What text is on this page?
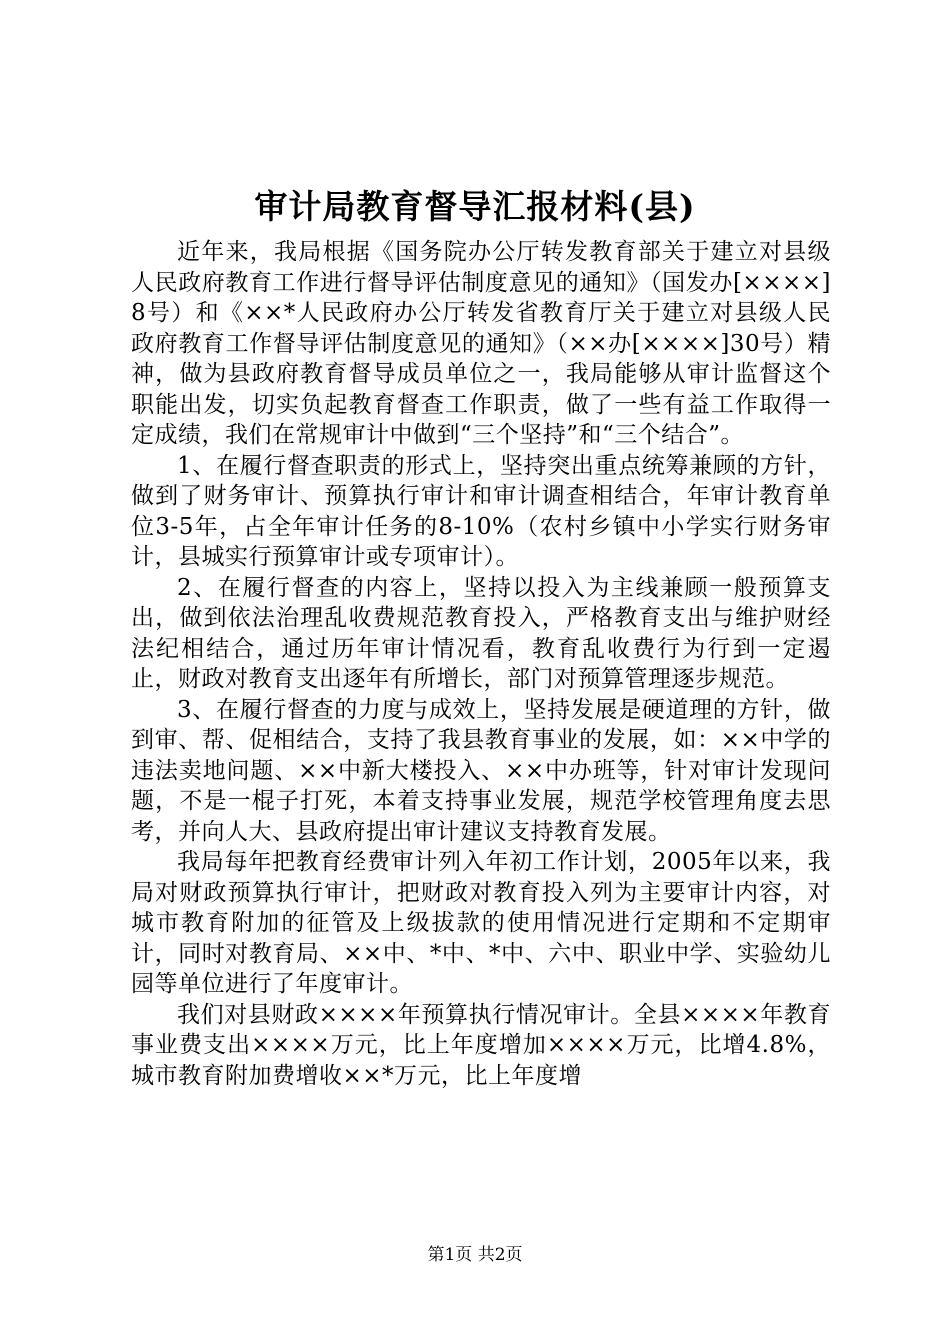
审计局教育督导汇报材料(县)

近年来，我局根据《国务院办公厅转发教育部关于建立对县级人民政府教育工作进行督导评估制度意见的通知》（国发办[××××]8号）和《××*人民政府办公厅转发省教育厅关于建立对县级人民政府教育工作督导评估制度意见的通知》（××办[××××]30号）精神，做为县政府教育督导成员单位之一，我局能够从审计监督这个职能出发，切实负起教育督查工作职责，做了一些有益工作取得一定成绩，我们在常规审计中做到“三个坚持”和“三个结合”。

1、在履行督查职责的形式上，坚持突出重点统筹兼顾的方针，做到了财务审计、预算执行审计和审计调查相结合，年审计教育单位3-5年，占全年审计任务的8-10%（农村乡镇中小学实行财务审计，县城实行预算审计或专项审计）。

2、在履行督查的内容上，坚持以投入为主线兼顾一般预算支出，做到依法治理乱收费规范教育投入，严格教育支出与维护财经法纪相结合，通过历年审计情况看，教育乱收费行为行到一定遏止，财政对教育支出逐年有所增长，部门对预算管理逐步规范。

3、在履行督查的力度与成效上，坚持发展是硬道理的方针，做到审、帮、促相结合，支持了我县教育事业的发展，如：××中学的违法卖地问题、××中新大楼投入、××中办班等，针对审计发现问题，不是一棍子打死，本着支持事业发展，规范学校管理角度去思考，并向人大、县政府提出审计建议支持教育发展。

我局每年把教育经费审计列入年初工作计划，2005年以来，我局对财政预算执行审计，把财政对教育投入列为主要审计内容，对城市教育附加的征管及上级拔款的使用情况进行定期和不定期审计，同时对教育局、××中、*中、*中、六中、职业中学、实验幼儿园等单位进行了年度审计。

我们对县财政××××年预算执行情况审计。全县××××年教育事业费支出××××万元，比上年度增加××××万元，比增4.8%，城市教育附加费增收××*万元，比上年度增

第1页 共2页
